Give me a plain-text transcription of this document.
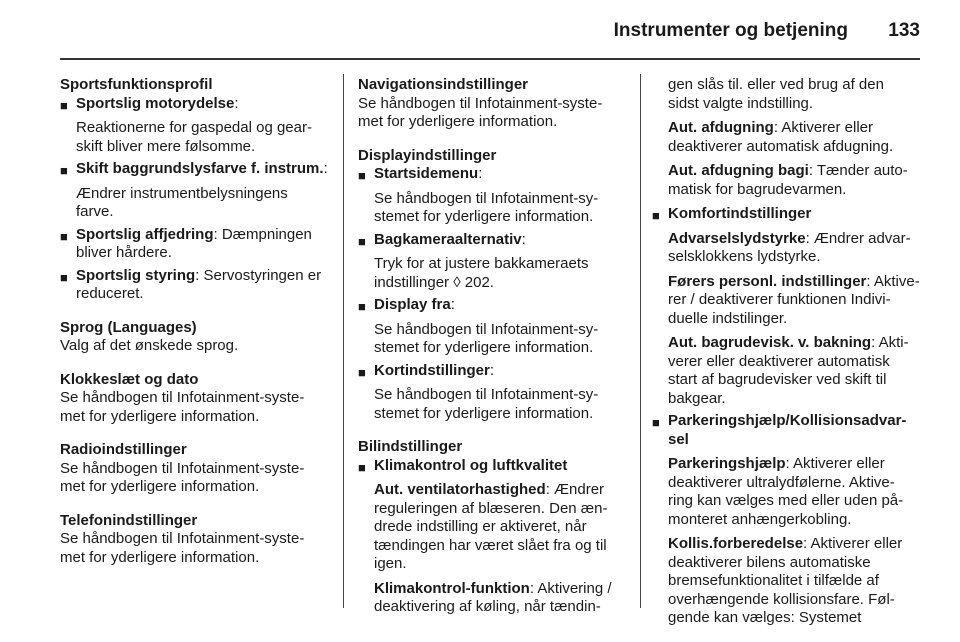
Instrumenter og betjening	133
Sportsfunktionsprofil
■ Sportslig motorydelse:
Reaktionerne for gaspedal og gear-
skift bliver mere følsomme.
■ Skift baggrundslysfarve f. instrum.:
Ændrer instrumentbelysningens
farve.
■ Sportslig affjedring: Dæmpningen
bliver hårdere.
■ Sportslig styring: Servostyringen er
reduceret.
Sprog (Languages)
Valg af det ønskede sprog.
Klokkeslæt og dato
Se håndbogen til Infotainment-syste-
met for yderligere information.
Radioindstillinger
Se håndbogen til Infotainment-syste-
met for yderligere information.
Telefonindstillinger
Se håndbogen til Infotainment-syste-
met for yderligere information.
Navigationsindstillinger
Se håndbogen til Infotainment-syste-
met for yderligere information.
Displayindstillinger
■ Startsidemenu:
Se håndbogen til Infotainment-sy-
stemet for yderligere information.
■ Bagkameraalternativ:
Tryk for at justere bakkameraets
indstillinger ◊ 202.
■ Display fra:
Se håndbogen til Infotainment-sy-
stemet for yderligere information.
■ Kortindstillinger:
Se håndbogen til Infotainment-sy-
stemet for yderligere information.
Bilindstillinger
■ Klimakontrol og luftkvalitet
Aut. ventilatorhastighed: Ændrer
reguleringen af blæseren. Den æn-
drede indstilling er aktiveret, når
tændingen har været slået fra og til
igen.
Klimakontrol-funktion: Aktivering /
deaktivering af køling, når tændin-
gen slås til. eller ved brug af den
sidst valgte indstilling.
Aut. afdugning: Aktiverer eller
deaktiverer automatisk afdugning.
Aut. afdugning bagi: Tænder auto-
matisk for bagrudevarmen.
■ Komfortindstillinger
Advarselslydstyrke: Ændrer advar-
selsklokkens lydstyrke.
Førers personl. indstillinger: Aktive-
rer / deaktiverer funktionen Indivi-
duelle indstilinger.
Aut. bagrudevisk. v. bakning: Akti-
verer eller deaktiverer automatisk
start af bagrudevisker ved skift til
bakgear.
■ Parkeringshjælp/Kollisionsadvar-
sel
Parkeringshjælp: Aktiverer eller
deaktiverer ultralydfølerne. Aktive-
ring kan vælges med eller uden på-
monteret anhængerkobling.
Kollis.forberedelse: Aktiverer eller
deaktiverer bilens automatiske
bremsefunktionalitet i tilfælde af
overhængende kollisionsfare. Føl-
gende kan vælges: Systemet
